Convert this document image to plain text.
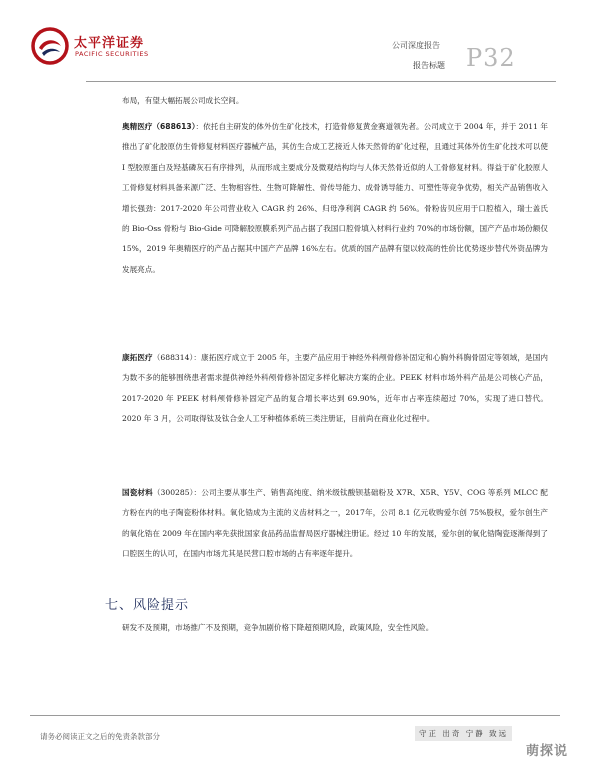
太平洋证券
PACIFIC SECURITIES
公司深度报告
报告标题 P32
布局，有望大幅拓展公司成长空间。
奥精医疗（688613）：依托自主研发的体外仿生矿化技术，打造骨修复黄金赛道领先者。公司成立于 2004 年，并于 2011 年推出了矿化胶原仿生骨修复材料医疗器械产品，其仿生合成工艺接近人体天然骨的矿化过程，且通过其体外仿生矿化技术可以使 I 型胶原蛋白及羟基磷灰石有序排列，从而形成主要成分及微观结构均与人体天然骨近似的人工骨修复材料。得益于矿化胶原人工骨修复材料具备来源广泛、生物相容性、生物可降解性、骨传导能力、成骨诱导能力、可塑性等竞争优势，相关产品销售收入增长强劲：2017-2020 年公司营业收入 CAGR 约 26%、归母净利润 CAGR 约 56%。骨粉齿贝应用于口腔植入，瑞士盖氏的 Bio-Oss 骨粉与 Bio-Gide 可降解胶原膜系列产品占据了我国口腔骨填入材料行业约 70%的市场份额，国产产品市场份额仅 15%，2019 年奥精医疗的产品占据其中国产产品牌 16%左右。优质的国产品牌有望以较高的性价比优势逐步替代外资品牌为发展亮点。
康拓医疗（688314）：康拓医疗成立于 2005 年，主要产品应用于神经外科颅骨修补固定和心胸外科胸骨固定等领域，是国内为数不多的能够围绕患者需求提供神经外科颅骨修补固定多样化解决方案的企业。PEEK 材料市场外科产品是公司核心产品，2017-2020 年 PEEK 材料颅骨修补固定产品的复合增长率达到 69.90%，近年市占率连续超过 70%，实现了进口替代。2020 年 3 月，公司取得钛及钛合金人工牙种植体系统三类注册证，目前尚在商业化过程中。
国瓷材料（300285）：公司主要从事生产、销售高纯度、纳米级钛酸钡基础粉及 X7R、X5R、Y5V、COG 等系列 MLCC 配方粉在内的电子陶瓷粉体材料。氧化锆成为主流的义齿材料之一，2017年，公司 8.1 亿元收购爱尔创 75%股权，爱尔创生产的氧化锆在 2009 年在国内率先获批国家食品药品监督局医疗器械注册证。经过 10 年的发展，爱尔创的氧化锆陶瓷逐渐得到了口腔医生的认可，在国内市场尤其是民营口腔市场的占有率逐年提升。
七、风险提示
研发不及预期，市场推广不及预期，竞争加剧价格下降超预期风险，政策风险，安全性风险。
请务必阅读正文之后的免责条款部分	守正 出奇 宁静 致远
萌探说
